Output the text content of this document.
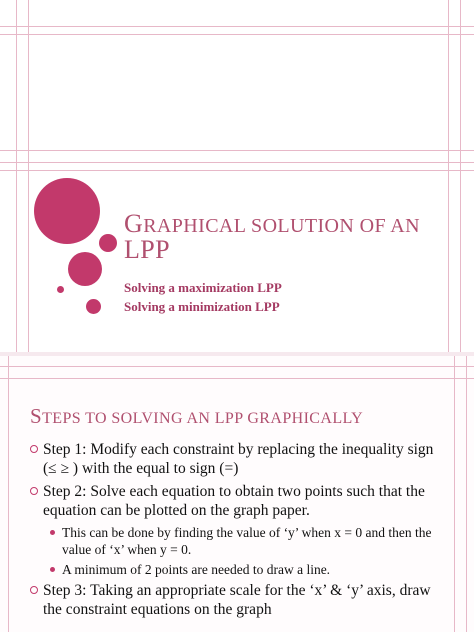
GRAPHICAL SOLUTION OF AN
LPP
Solving a maximization LPP
Solving a minimization LPP
STEPS TO SOLVING AN LPP GRAPHICALLY
Step 1: Modify each constraint by replacing the inequality sign (≤ ≥ ) with the equal to sign (=)
Step 2: Solve each equation to obtain two points such that the equation can be plotted on the graph paper.
This can be done by finding the value of ‘y’ when x = 0 and then the value of ‘x’ when y = 0.
A minimum of 2 points are needed to draw a line.
Step 3: Taking an appropriate scale for the ‘x’ & ‘y’ axis, draw the constraint equations on the graph
